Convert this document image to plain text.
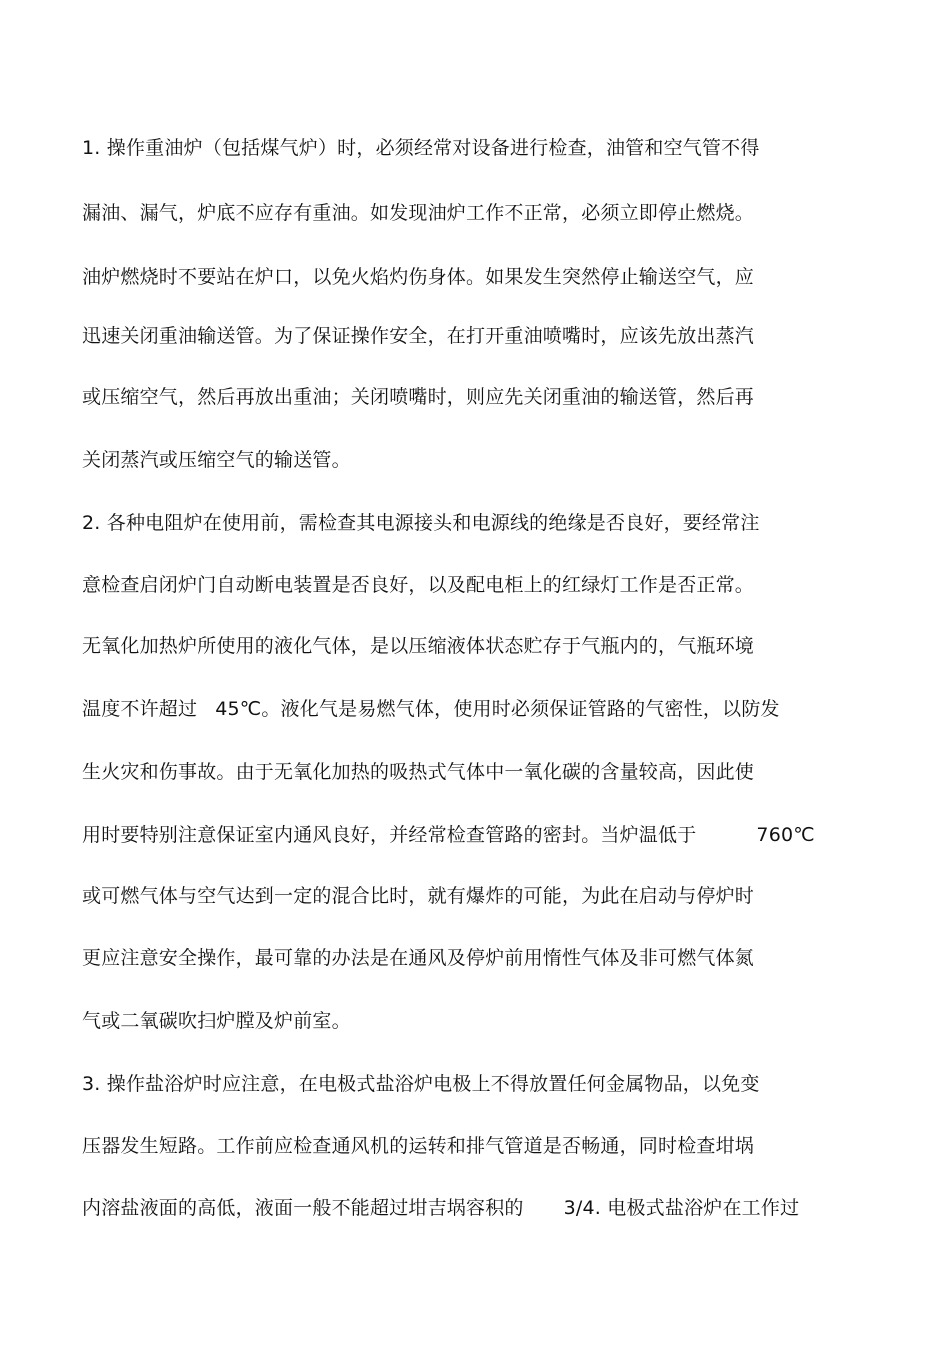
1. 操作重油炉（包括煤气炉）时，必须经常对设备进行检查，油管和空气管不得
漏油、漏气，炉底不应存有重油。如发现油炉工作不正常，必须立即停止燃烧。
油炉燃烧时不要站在炉口，以免火焰灼伤身体。如果发生突然停止输送空气，应
迅速关闭重油输送管。为了保证操作安全，在打开重油喷嘴时，应该先放出蒸汽
或压缩空气，然后再放出重油；关闭喷嘴时，则应先关闭重油的输送管，然后再
关闭蒸汽或压缩空气的输送管。
2. 各种电阻炉在使用前，需检查其电源接头和电源线的绝缘是否良好，要经常注
意检查启闭炉门自动断电装置是否良好，以及配电柜上的红绿灯工作是否正常。
无氧化加热炉所使用的液化气体，是以压缩液体状态贮存于气瓶内的，气瓶环境
温度不许超过 45℃。液化气是易燃气体，使用时必须保证管路的气密性，以防发
生火灾和伤事故。由于无氧化加热的吸热式气体中一氧化碳的含量较高，因此使
用时要特别注意保证室内通风良好，并经常检查管路的密封。当炉温低于	760℃
或可燃气体与空气达到一定的混合比时，就有爆炸的可能，为此在启动与停炉时
更应注意安全操作，最可靠的办法是在通风及停炉前用惰性气体及非可燃气体氮
气或二氧碳吹扫炉膛及炉前室。
3. 操作盐浴炉时应注意，在电极式盐浴炉电极上不得放置任何金属物品，以免变
压器发生短路。工作前应检查通风机的运转和排气管道是否畅通，同时检查坩埚
内溶盐液面的高低，液面一般不能超过坩吉埚容积的 3/4. 电极式盐浴炉在工作过
